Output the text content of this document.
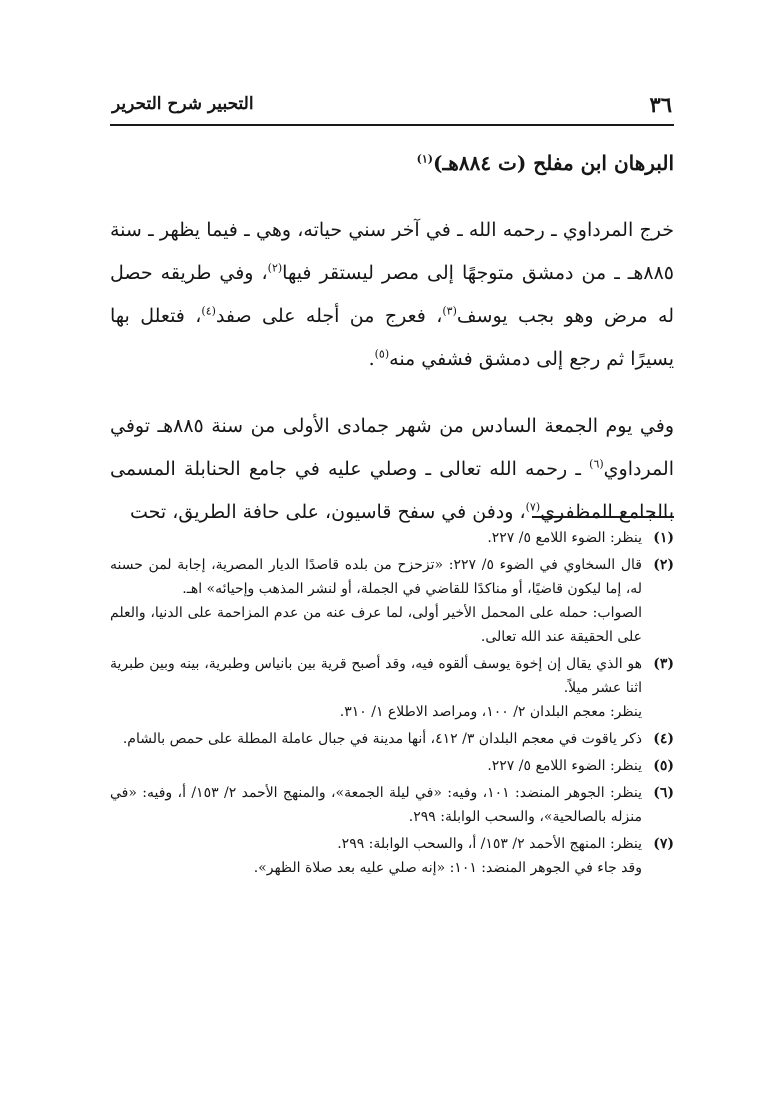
٣٦
التحبير شرح التحرير

البرهان ابن مفلح (ت ٨٨٤هـ)$^{(١)}$

خرج المرداوي ـ رحمه الله ـ في آخر سني حياته، وهي ـ فيما يظهر ـ سنة ٨٨٥هـ ـ من دمشق متوجهًا إلى مصر ليستقر فيها$^{(٢)}$، وفي طريقه حصل له مرض وهو بجب يوسف$^{(٣)}$، فعرج من أجله على صفد$^{(٤)}$، فتعلل بها يسيرًا ثم رجع إلى دمشق فشفي منه$^{(٥)}$.

وفي يوم الجمعة السادس من شهر جمادى الأولى من سنة ٨٨٥هـ توفي المرداوي$^{(٦)}$ ـ رحمه الله تعالى ـ وصلي عليه في جامع الحنابلة المسمى بالجامع المظفري$^{(٧)}$، ودفن في سفح قاسيون، على حافة الطريق، تحت

(١)
ينظر: الضوء اللامع ٥/ ٢٢٧.
(٢)
قال السخاوي في الضوء ٥/ ٢٢٧: «تزحزح من بلده قاصدًا الديار المصرية، إجابة لمن حسنه له، إما ليكون قاضيًا، أو مناكدًا للقاضي في الجملة، أو لنشر المذهب وإحيائه» اهـ.
الصواب: حمله على المحمل الأخير أولى، لما عرف عنه من عدم المزاحمة على الدنيا، والعلم على الحقيقة عند الله تعالى.
(٣)
هو الذي يقال إن إخوة يوسف ألقوه فيه، وقد أصبح قرية بين بانياس وطبرية، بينه وبين طبرية اثنا عشر ميلاً.
ينظر: معجم البلدان ٢/ ١٠٠، ومراصد الاطلاع ١/ ٣١٠.
(٤)
ذكر ياقوت في معجم البلدان ٣/ ٤١٢، أنها مدينة في جبال عاملة المطلة على حمص بالشام.
(٥)
ينظر: الضوء اللامع ٥/ ٢٢٧.
(٦)
ينظر: الجوهر المنضد: ١٠١، وفيه: «في ليلة الجمعة»، والمنهج الأحمد ٢/ ١٥٣/ أ، وفيه: «في منزله بالصالحية»، والسحب الوابلة: ٢٩٩.
(٧)
ينظر: المنهج الأحمد ٢/ ١٥٣/ أ، والسحب الوابلة: ٢٩٩.
وقد جاء في الجوهر المنضد: ١٠١: «إنه صلي عليه بعد صلاة الظهر».
